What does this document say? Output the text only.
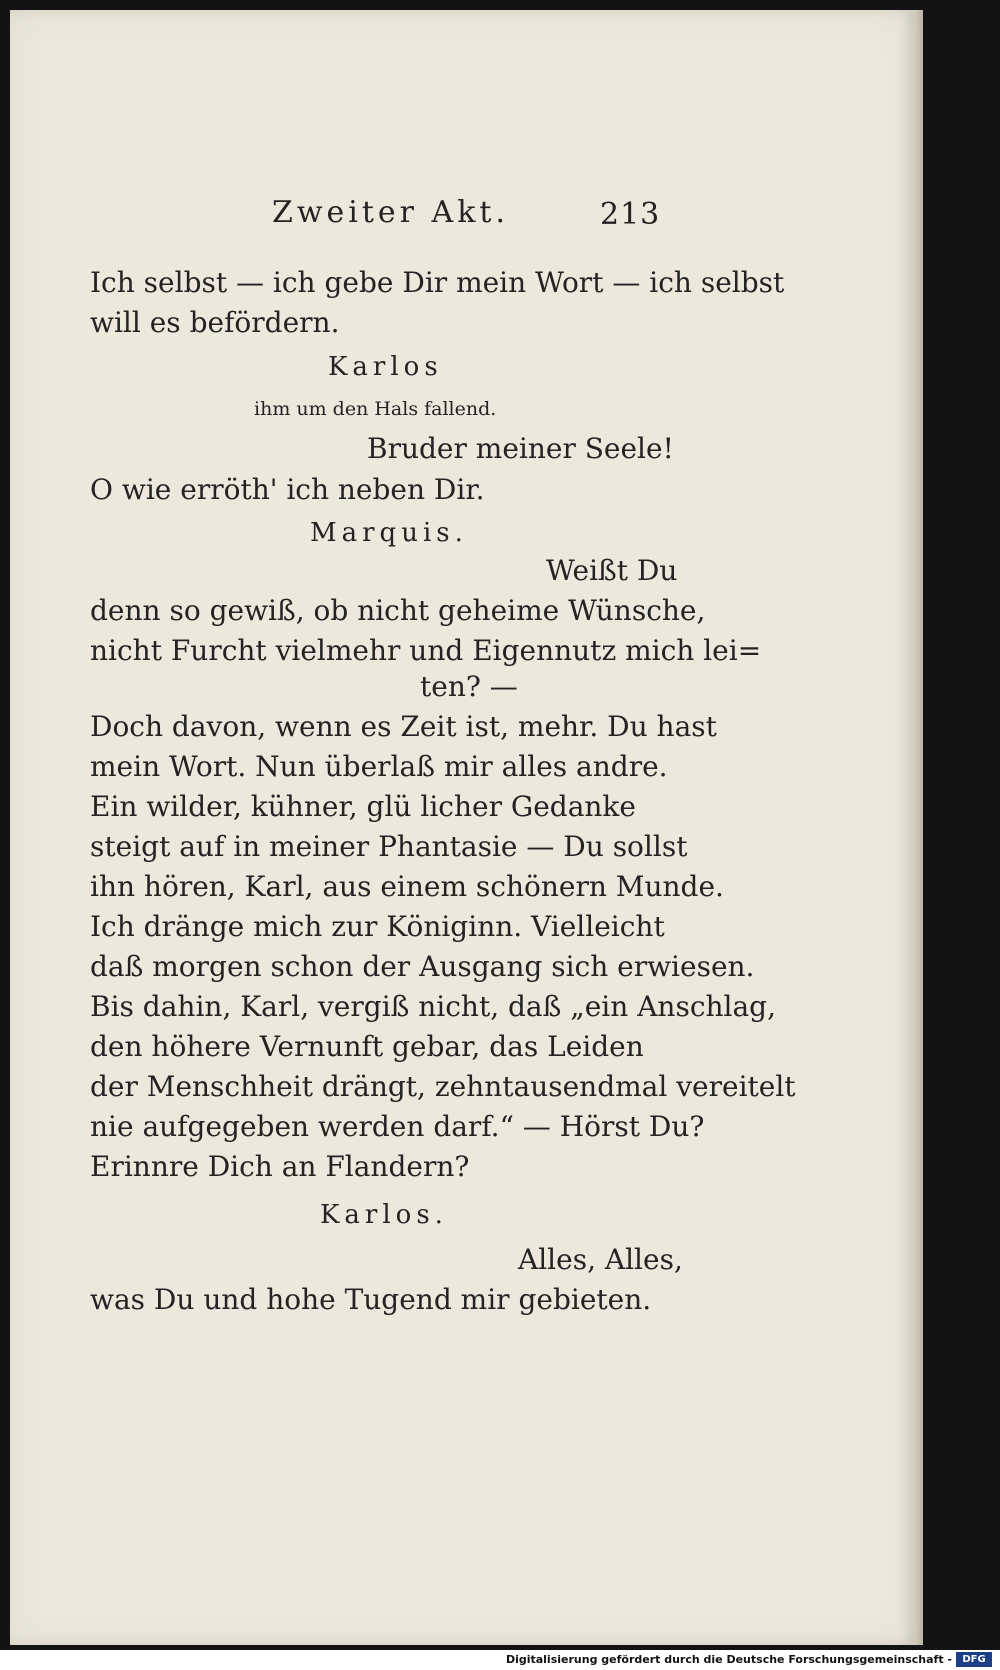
Zweiter Akt.	213
Ich selbst — ich gebe Dir mein Wort — ich selbst
will es befördern.
Karlos
ihm um den Hals fallend.
Bruder meiner Seele!
O wie erröth' ich neben Dir.
Marquis.
Weißt Du
denn so gewiß, ob nicht geheime Wünsche,
nicht Furcht vielmehr und Eigennutz mich lei=
ten? —
Doch davon, wenn es Zeit ist, mehr. Du hast
mein Wort. Nun überlaß mir alles andre.
Ein wilder, kühner, glü licher Gedanke
steigt auf in meiner Phantasie — Du sollst
ihn hören, Karl, aus einem schönern Munde.
Ich dränge mich zur Königinn. Vielleicht
daß morgen schon der Ausgang sich erwiesen.
Bis dahin, Karl, vergiß nicht, daß „ein Anschlag,
den höhere Vernunft gebar, das Leiden
der Menschheit drängt, zehntausendmal vereitelt
nie aufgegeben werden darf.“ — Hörst Du?
Erinnre Dich an Flandern?
Karlos.
Alles, Alles,
was Du und hohe Tugend mir gebieten.
Digitalisierung gefördert durch die Deutsche Forschungsgemeinschaft -	DFG
